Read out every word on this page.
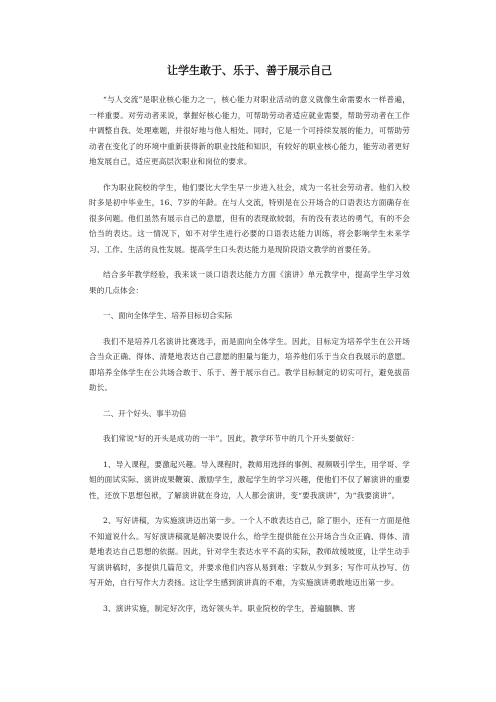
让学生敢于、乐于、善于展示自己

“与人交流”是职业核心能力之一，核心能力对职业活动的意义就像生命需要水一样普遍，一样重要。对劳动者来说，掌握好核心能力，可帮助劳动者适应就业需要，帮助劳动者在工作中调整自我、处理难题，并很好地与他人相处。同时，它是一个可持续发展的能力，可帮助劳动者在变化了的环境中重新获得新的职业技能和知识，有较好的职业核心能力，能劳动者更好地发展自己，适应更高层次职业和岗位的要求。

作为职业院校的学生，他们要比大学生早一步进入社会，成为一名社会劳动者。他们入校时多是初中毕业生，16、7岁的年龄。在与人交流，特别是在公开场合的口语表达方面确存在很多问题。他们虽然有展示自己的意愿，但有的表现欲较弱，有的没有表达的勇气，有的不会恰当的表达。这一情况下，如不对学生进行必要的口语表达能力训练，将会影响学生未来学习、工作、生活的良性发展。提高学生口头表达能力是现阶段语文教学的首要任务。

结合多年教学经验，我来谈一谈口语表达能力方面《演讲》单元教学中，提高学生学习效果的几点体会：

一、面向全体学生、培养目标切合实际

我们不是培养几名演讲比赛选手，而是面向全体学生。因此，目标定为培养学生在公开场合当众正确、得体、清楚地表达自己意愿的胆量与能力，培养他们乐于当众自我展示的意愿。即培养全体学生在公共场合敢于、乐于、善于展示自己。教学目标制定的切实可行，避免拔苗助长。

二、开个好头、事半功倍

我们常说“好的开头是成功的一半”。因此，教学环节中的几个开头要做好：

1、导入课程，要激起兴趣。导入课程时，教师用选择的事例、视频吸引学生，用学哥、学姐的面试实际、演讲成果鞭策、激励学生，激起学生的学习兴趣，使他们不仅了解演讲的重要性，还放下思想包袱，了解演讲就在身边，人人都会演讲，变“要我演讲”，为“我要演讲”。

2、写好讲稿，为实施演讲迈出第一步。一个人不敢表达自己，除了胆小，还有一方面是他不知道说什么。写好演讲稿就是解决要说什么，给学生提供能在公开场合当众正确、得体、清楚地表达自己思想的依据。因此，针对学生表达水平不高的实际，教师故缓坡度，让学生动手写演讲稿时，多提供几篇范文，并要求他们内容从易到难；字数从少到多；写作可从抄写、仿写开始，自行写作大力表扬。这让学生感到演讲真的不难，为实施演讲勇敢地迈出第一步。

3、演讲实施，制定好次序，选好领头羊。职业院校的学生，普遍腼腆、害
